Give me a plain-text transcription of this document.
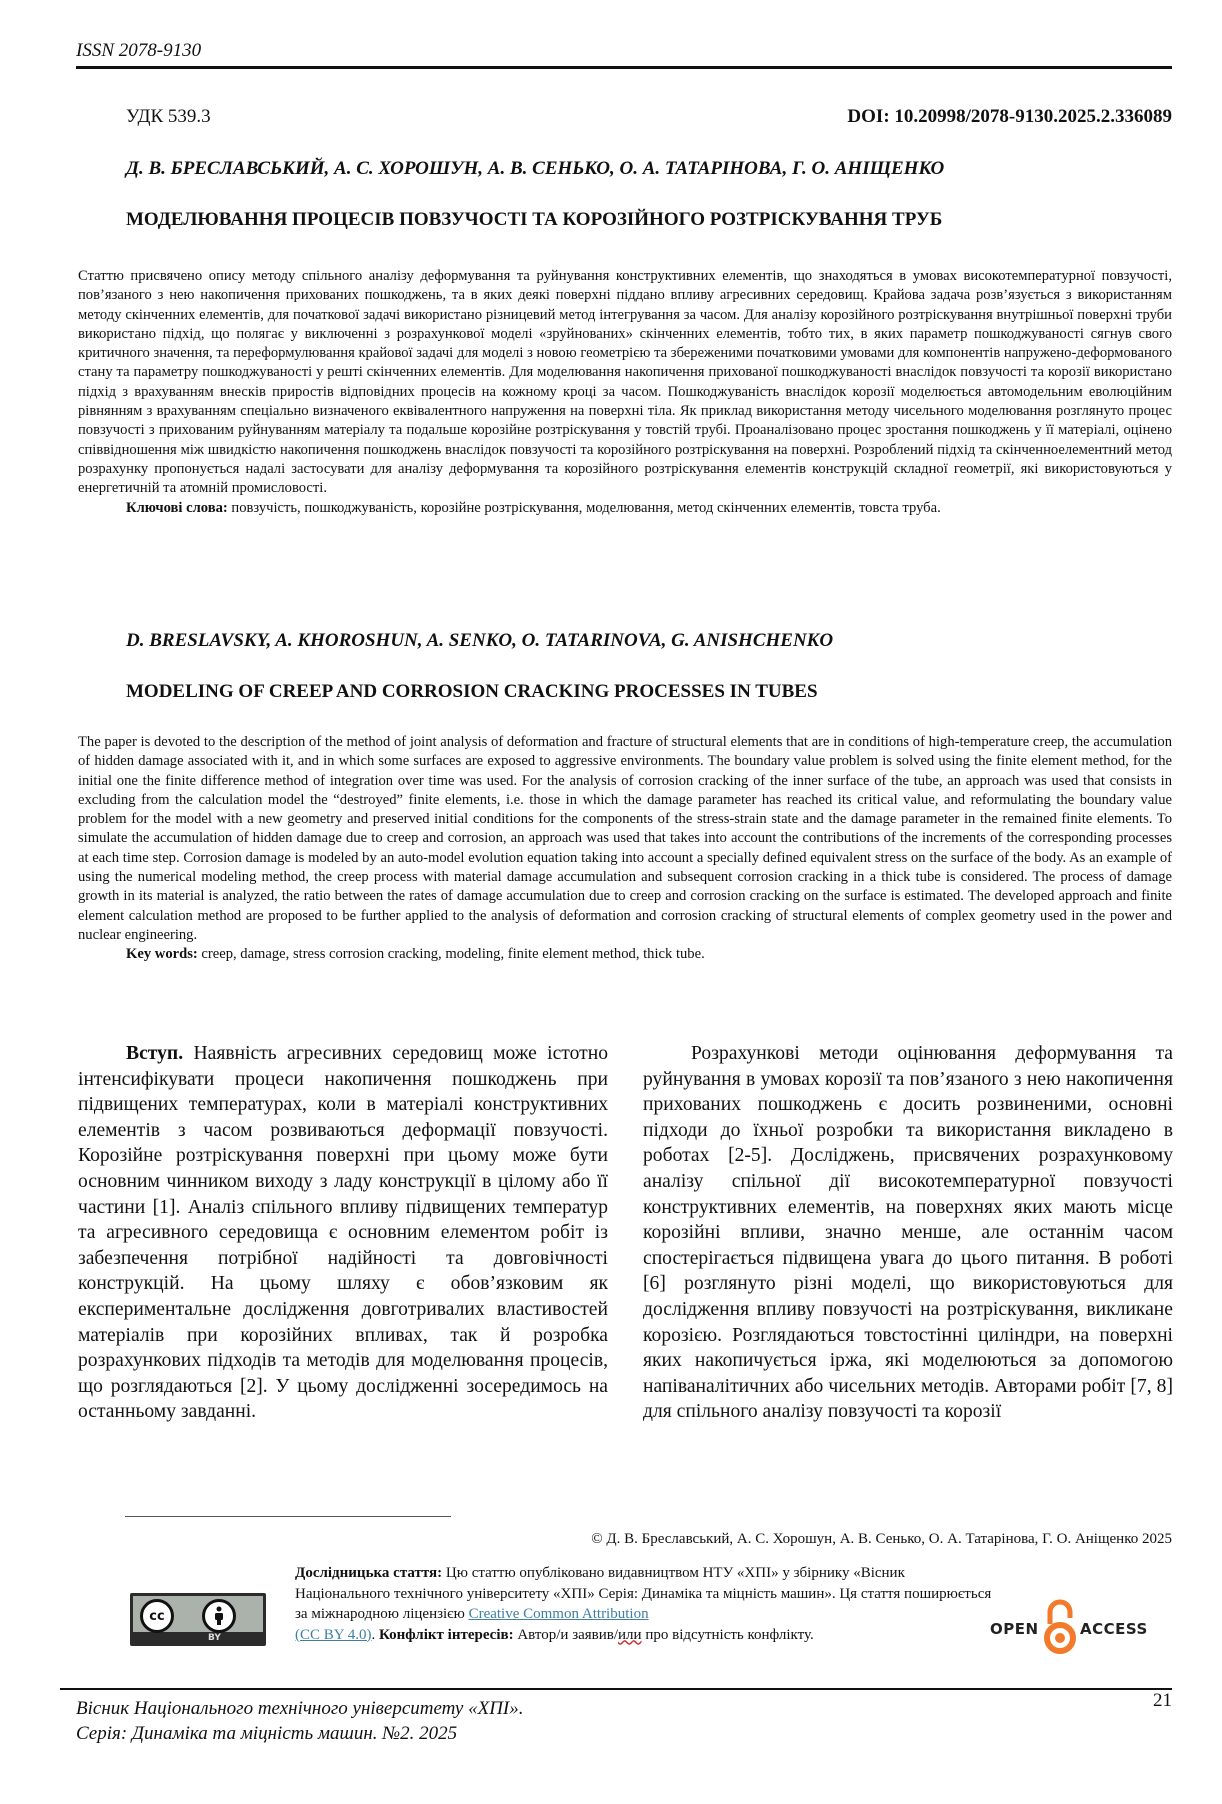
ISSN 2078-9130
УДК 539.3	DOI: 10.20998/2078-9130.2025.2.336089
Д. В. БРЕСЛАВСЬКИЙ, А. С. ХОРОШУН, А. В. СЕНЬКО, О. А. ТАТАРІНОВА, Г. О. АНІЩЕНКО
МОДЕЛЮВАННЯ ПРОЦЕСІВ ПОВЗУЧОСТІ ТА КОРОЗІЙНОГО РОЗТРІСКУВАННЯ ТРУБ
Статтю присвячено опису методу спільного аналізу деформування та руйнування конструктивних елементів, що знаходяться в умовах високотемпературної повзучості, пов’язаного з нею накопичення прихованих пошкоджень, та в яких деякі поверхні піддано впливу агресивних середовищ. Крайова задача розв’язується з використанням методу скінченних елементів, для початкової задачі використано різницевий метод інтегрування за часом. Для аналізу корозійного розтріскування внутрішньої поверхні труби використано підхід, що полягає у виключенні з розрахункової моделі «зруйнованих» скінченних елементів, тобто тих, в яких параметр пошкоджуваності сягнув свого критичного значення, та переформулювання крайової задачі для моделі з новою геометрією та збереженими початковими умовами для компонентів напружено-деформованого стану та параметру пошкоджуваності у решті скінченних елементів. Для моделювання накопичення прихованої пошкоджуваності внаслідок повзучості та корозії використано підхід з врахуванням внесків приростів відповідних процесів на кожному кроці за часом. Пошкоджуваність внаслідок корозії моделюється автомодельним еволюційним рівнянням з врахуванням спеціально визначеного еквівалентного напруження на поверхні тіла. Як приклад використання методу чисельного моделювання розглянуто процес повзучості з прихованим руйнуванням матеріалу та подальше корозійне розтріскування у товстій трубі. Проаналізовано процес зростання пошкоджень у її матеріалі, оцінено співвідношення між швидкістю накопичення пошкоджень внаслідок повзучості та корозійного розтріскування на поверхні. Розроблений підхід та скінченноелементний метод розрахунку пропонується надалі застосувати для аналізу деформування та корозійного розтріскування елементів конструкцій складної геометрії, які використовуються у енергетичній та атомній промисловості.
Ключові слова: повзучість, пошкоджуваність, корозійне розтріскування, моделювання, метод скінченних елементів, товста труба.
D. BRESLAVSKY, A. KHOROSHUN, A. SENKO, O. TATARINOVA, G. ANISHCHENKO
MODELING OF CREEP AND CORROSION CRACKING PROCESSES IN TUBES
The paper is devoted to the description of the method of joint analysis of deformation and fracture of structural elements that are in conditions of high-temperature creep, the accumulation of hidden damage associated with it, and in which some surfaces are exposed to aggressive environments. The boundary value problem is solved using the finite element method, for the initial one the finite difference method of integration over time was used. For the analysis of corrosion cracking of the inner surface of the tube, an approach was used that consists in excluding from the calculation model the “destroyed” finite elements, i.e. those in which the damage parameter has reached its critical value, and reformulating the boundary value problem for the model with a new geometry and preserved initial conditions for the components of the stress-strain state and the damage parameter in the remained finite elements. To simulate the accumulation of hidden damage due to creep and corrosion, an approach was used that takes into account the contributions of the increments of the corresponding processes at each time step. Corrosion damage is modeled by an auto-model evolution equation taking into account a specially defined equivalent stress on the surface of the body. As an example of using the numerical modeling method, the creep process with material damage accumulation and subsequent corrosion cracking in a thick tube is considered. The process of damage growth in its material is analyzed, the ratio between the rates of damage accumulation due to creep and corrosion cracking on the surface is estimated. The developed approach and finite element calculation method are proposed to be further applied to the analysis of deformation and corrosion cracking of structural elements of complex geometry used in the power and nuclear engineering.
Key words: creep, damage, stress corrosion cracking, modeling, finite element method, thick tube.
Вступ. Наявність агресивних середовищ може істотно інтенсифікувати процеси накопичення пошкоджень при підвищених температурах, коли в матеріалі конструктивних елементів з часом розвиваються деформації повзучості. Корозійне розтріскування поверхні при цьому може бути основним чинником виходу з ладу конструкції в цілому або її частини [1]. Аналіз спільного впливу підвищених температур та агресивного середовища є основним елементом робіт із забезпечення потрібної надійності та довговічності конструкцій. На цьому шляху є обов’язковим як експериментальне дослідження довготривалих властивостей матеріалів при корозійних впливах, так й розробка розрахункових підходів та методів для моделювання процесів, що розглядаються [2]. У цьому дослідженні зосередимось на останньому завданні.
Розрахункові методи оцінювання деформування та руйнування в умовах корозії та пов’язаного з нею накопичення прихованих пошкоджень є досить розвиненими, основні підходи до їхньої розробки та використання викладено в роботах [2-5]. Досліджень, присвячених розрахунковому аналізу спільної дії високотемпературної повзучості конструктивних елементів, на поверхнях яких мають місце корозійні впливи, значно менше, але останнім часом спостерігається підвищена увага до цього питання. В роботі [6] розглянуто різні моделі, що використовуються для дослідження впливу повзучості на розтріскування, викликане корозією. Розглядаються товстостінні циліндри, на поверхні яких накопичується іржа, які моделюються за допомогою напіваналітичних або чисельних методів. Авторами робіт [7, 8] для спільного аналізу повзучості та корозії
© Д. В. Бреславський, А. С. Хорошун, А. В. Сенько, О. А. Татарінова, Г. О. Аніщенко 2025
cc
BY
Дослідницька стаття: Цю статтю опубліковано видавництвом НТУ «ХПІ» у збірнику «Вісник Національного технічного університету «ХПІ» Серія: Динаміка та міцність машин». Ця стаття поширюється за міжнародною ліцензією Creative Common Attribution
(CC BY 4.0). Конфлікт інтересів: Автор/и заявив/или про відсутність конфлікту.	OPEN	ACCESS
Вісник Національного технічного університету «ХПІ».
Серія: Динаміка та міцність машин. №2. 2025
21
